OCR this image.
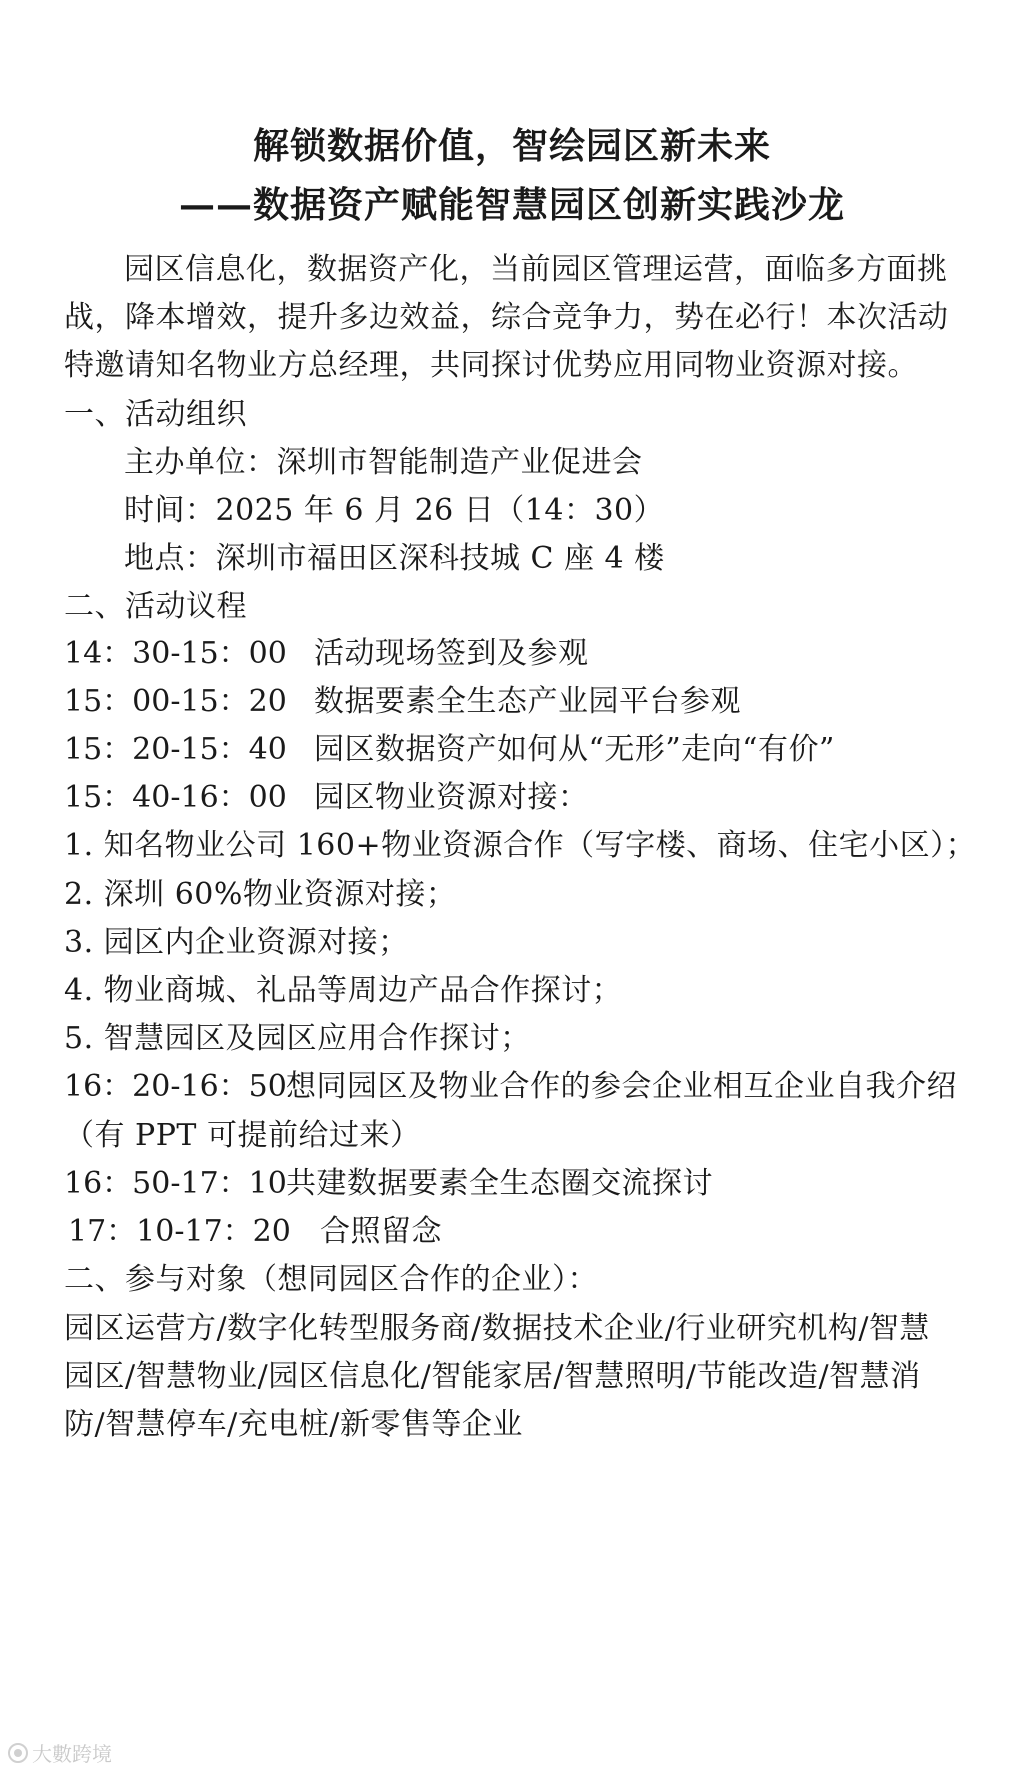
解锁数据价值，智绘园区新未来
——数据资产赋能智慧园区创新实践沙龙
园区信息化，数据资产化，当前园区管理运营，面临多方面挑
战，降本增效，提升多边效益，综合竞争力，势在必行！本次活动
特邀请知名物业方总经理，共同探讨优势应用同物业资源对接。
一、活动组织
主办单位：深圳市智能制造产业促进会
时间：2025 年 6 月 26 日（14：30）
地点：深圳市福田区深科技城 C 座 4 楼
二、活动议程
14：30-15：00 活动现场签到及参观
15：00-15：20 数据要素全生态产业园平台参观
15：20-15：40 园区数据资产如何从“无形”走向“有价”
15：40-16：00 园区物业资源对接：
1. 知名物业公司 160+物业资源合作（写字楼、商场、住宅小区）；
2. 深圳 60%物业资源对接；
3. 园区内企业资源对接；
4. 物业商城、礼品等周边产品合作探讨；
5. 智慧园区及园区应用合作探讨；
16：20-16：50 想同园区及物业合作的参会企业相互企业自我介绍
（有 PPT 可提前给过来）
16：50-17：10 共建数据要素全生态圈交流探讨
17：10-17：20 合照留念
二、参与对象（想同园区合作的企业）：
园区运营方/数字化转型服务商/数据技术企业/行业研究机构/智慧
园区/智慧物业/园区信息化/智能家居/智慧照明/节能改造/智慧消
防/智慧停车/充电桩/新零售等企业
大數跨境
